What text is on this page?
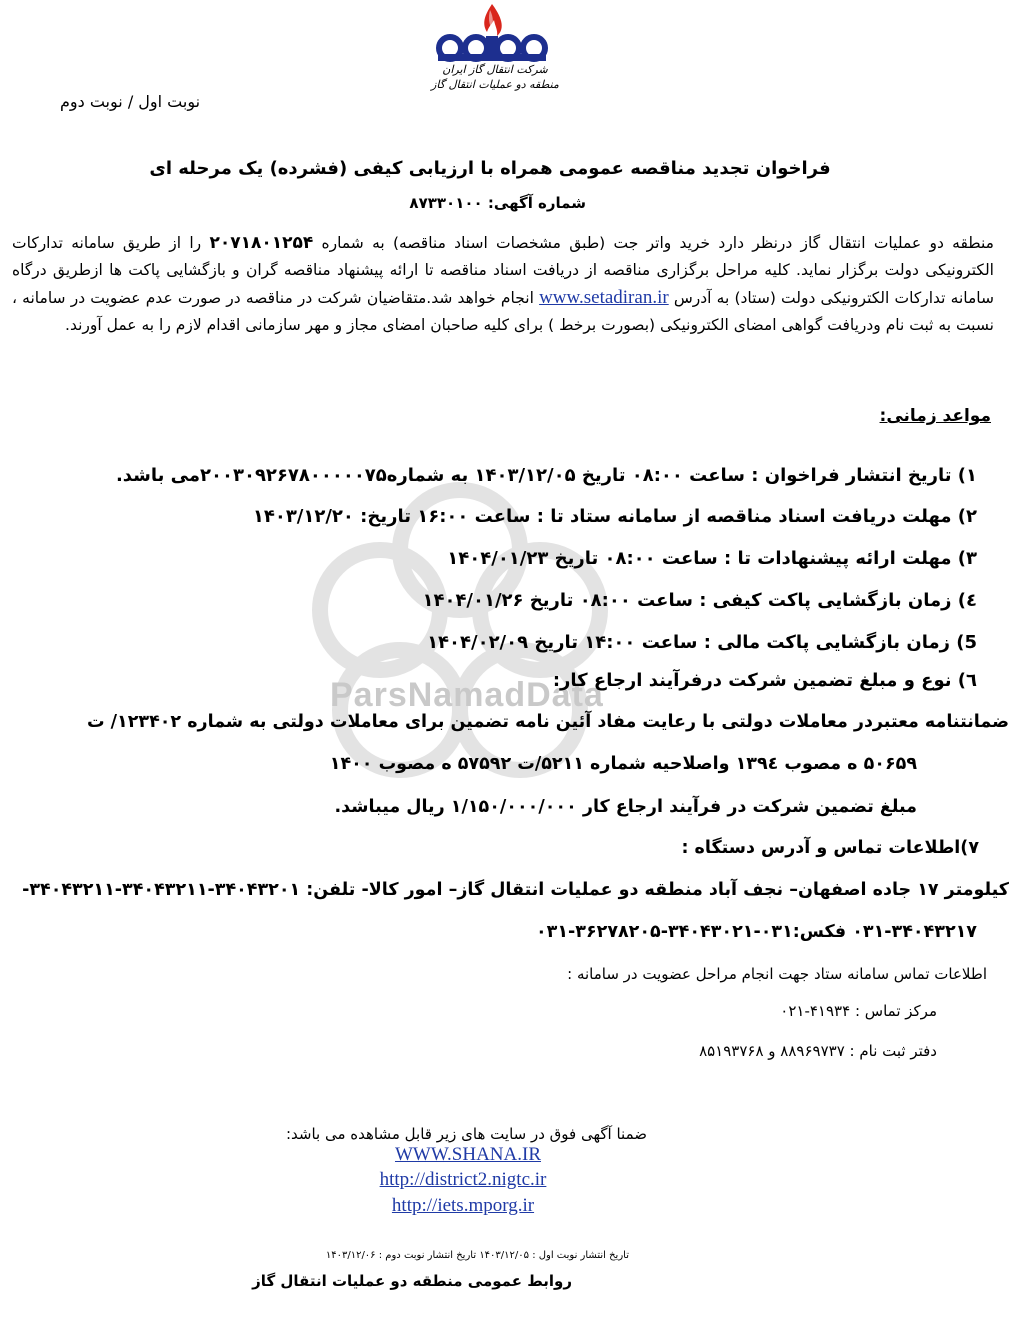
شرکت انتقال گاز ایران
منطقه دو عملیات انتقال گاز
نوبت اول / نوبت دوم
ParsNamadData
فراخوان تجدید مناقصه عمومی همراه با ارزیابی کیفی (فشرده) یک مرحله ای
شماره آگهی: ۸۷۳۳۰۱۰۰
منطقه دو عملیات انتقال گاز درنظر دارد خرید واتر جت (طبق مشخصات اسناد مناقصه) به شماره ۲۰۷۱۸۰۱۲۵۴ را از طریق سامانه تدارکات الکترونیکی دولت برگزار نماید. کلیه مراحل برگزاری مناقصه از دریافت اسناد مناقصه تا ارائه پیشنهاد مناقصه گران و بازگشایی پاکت ها ازطریق درگاه سامانه تدارکات الکترونیکی دولت (ستاد) به آدرس www.setadiran.ir انجام خواهد شد.متقاضیان شرکت در مناقصه در صورت عدم عضویت در سامانه ، نسبت به ثبت نام ودریافت گواهی امضای الکترونیکی (بصورت برخط ) برای کلیه صاحبان امضای مجاز و مهر سازمانی اقدام لازم را به عمل آورند.
مواعد زمانی:
۱) تاریخ انتشار فراخوان : ساعت ۰۸:۰۰ تاریخ ۱۴۰۳/۱۲/۰۵ به شماره۲۰۰۳۰۹۲۶۷۸۰۰۰۰۰۷۵می باشد.
۲) مهلت دریافت اسناد مناقصه از سامانه ستاد تا : ساعت ۱۶:۰۰ تاریخ: ۱۴۰۳/۱۲/۲۰
۳) مهلت ارائه پیشنهادات تا : ساعت ۰۸:۰۰ تاریخ ۱۴۰۴/۰۱/۲۳
٤) زمان بازگشایی پاکت کیفی : ساعت ۰۸:۰۰ تاریخ ۱۴۰۴/۰۱/۲۶
5) زمان بازگشایی پاکت مالی : ساعت ۱۴:۰۰ تاریخ ۱۴۰۴/۰۲/۰۹
٦) نوع و مبلغ تضمین شرکت درفرآیند ارجاع کار:
ضمانتنامه معتبردر معاملات دولتی با رعایت مفاد آئین نامه تضمین برای معاملات دولتی به شماره ۱۲۳۴۰۲/ ت
۵۰۶۵۹ ه مصوب ۱۳۹٤ واصلاحیه شماره ۵۲۱۱/ت ۵۷۵۹۲ ه مصوب ۱۴۰۰
مبلغ تضمین شرکت در فرآیند ارجاع کار ۱/۱۵۰/۰۰۰/۰۰۰ ریال میباشد.
۷)اطلاعات تماس و آدرس دستگاه :
کیلومتر ۱۷ جاده اصفهان– نجف آباد منطقه دو عملیات انتقال گاز– امور کالا- تلفن: ۳۴۰۴۳۲۰۱-۳۴۰۴۳۲۱۱-۳۴۰۴۳۲۱۱-
۰۳۱-۳۴۰۴۳۲۱۷ فکس:۰۳۱-۳۴۰۴۳۰۲۱-۳۶۲۷۸۲۰۵-۰۳۱
اطلاعات تماس سامانه ستاد جهت انجام مراحل عضویت در سامانه :
مرکز تماس : ۴۱۹۳۴-۰۲۱
دفتر ثبت نام : ۸۸۹۶۹۷۳۷ و ۸۵۱۹۳۷۶۸
ضمنا آگهی فوق در سایت های زیر قابل مشاهده می باشد:
WWW.SHANA.IR
http://district2.nigtc.ir
http://iets.mporg.ir
تاریخ انتشار نوبت اول : ۱۴۰۳/۱۲/۰۵ تاریخ انتشار نوبت دوم : ۱۴۰۳/۱۲/۰۶
روابط عمومی منطقه دو عملیات انتقال گاز
